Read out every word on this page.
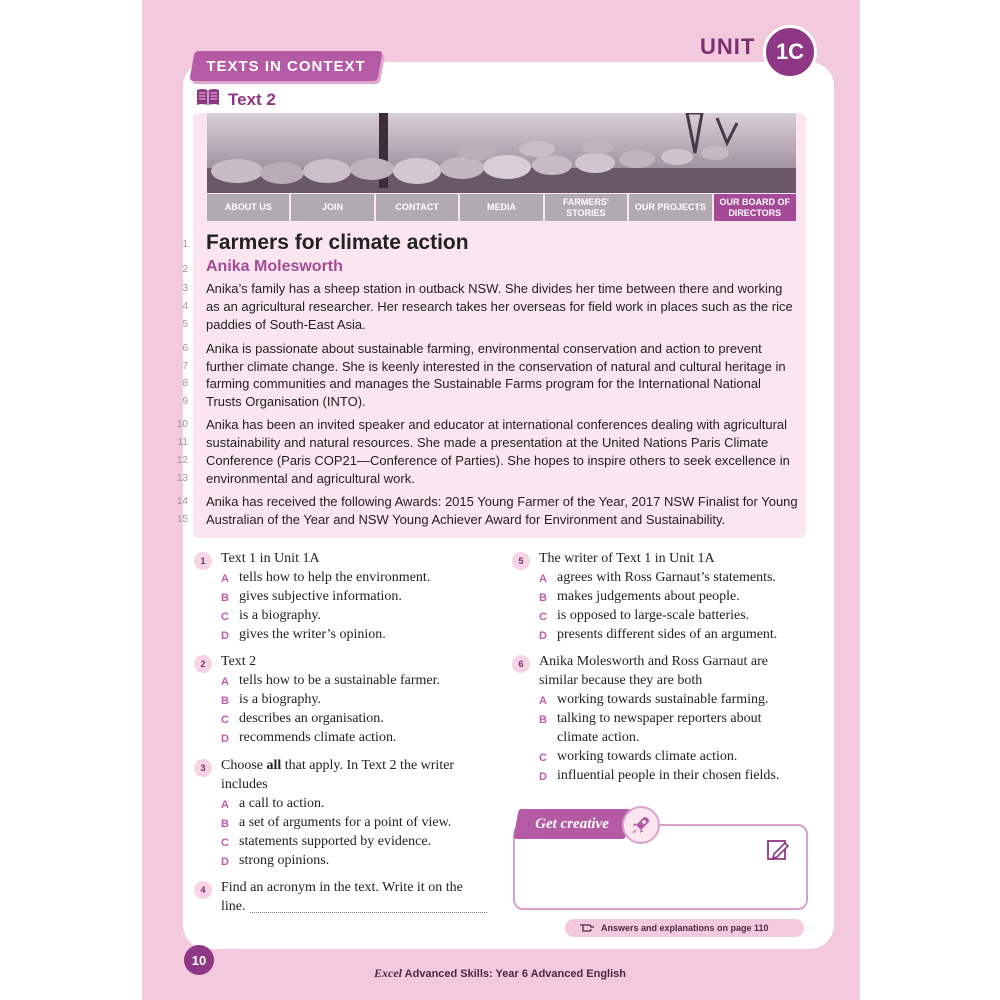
UNIT 1C
TEXTS IN CONTEXT
Text 2
ABOUT US	JOIN	CONTACT	MEDIA
FARMERS' STORIES
OUR PROJECTS
OUR BOARD OF DIRECTORS
Farmers for climate action
Anika Molesworth
1
2
3 Anika’s family has a sheep station in outback NSW. She divides her time between there and working
4 as an agricultural researcher. Her research takes her overseas for field work in places such as the rice
5 paddies of South-East Asia.
6 Anika is passionate about sustainable farming, environmental conservation and action to prevent
7 further climate change. She is keenly interested in the conservation of natural and cultural heritage in
8 farming communities and manages the Sustainable Farms program for the International National
9 Trusts Organisation (INTO).
10 Anika has been an invited speaker and educator at international conferences dealing with agricultural
11 sustainability and natural resources. She made a presentation at the United Nations Paris Climate
12 Conference (Paris COP21—Conference of Parties). She hopes to inspire others to seek excellence in
13 environmental and agricultural work.
14 Anika has received the following Awards: 2015 Young Farmer of the Year, 2017 NSW Finalist for Young
15 Australian of the Year and NSW Young Achiever Award for Environment and Sustainability.
1	Text 1 in Unit 1A
A tells how to help the environment.
B gives subjective information.
C is a biography.
D gives the writer’s opinion.
2	Text 2
A tells how to be a sustainable farmer.
B is a biography.
C describes an organisation.
D recommends climate action.
3	Choose all that apply. In Text 2 the writer
includes
A a call to action.
B a set of arguments for a point of view.
C statements supported by evidence.
D strong opinions.
4	Find an acronym in the text. Write it on the
line.
5	The writer of Text 1 in Unit 1A
A agrees with Ross Garnaut’s statements.
B makes judgements about people.
C is opposed to large-scale batteries.
D presents different sides of an argument.
6	Anika Molesworth and Ross Garnaut are
similar because they are both
A working towards sustainable farming.
B talking to newspaper reporters about
climate action.
C working towards climate action.
D influential people in their chosen fields.
Get creative
Answers and explanations on page 110
10
Excel Advanced Skills: Year 6 Advanced English
